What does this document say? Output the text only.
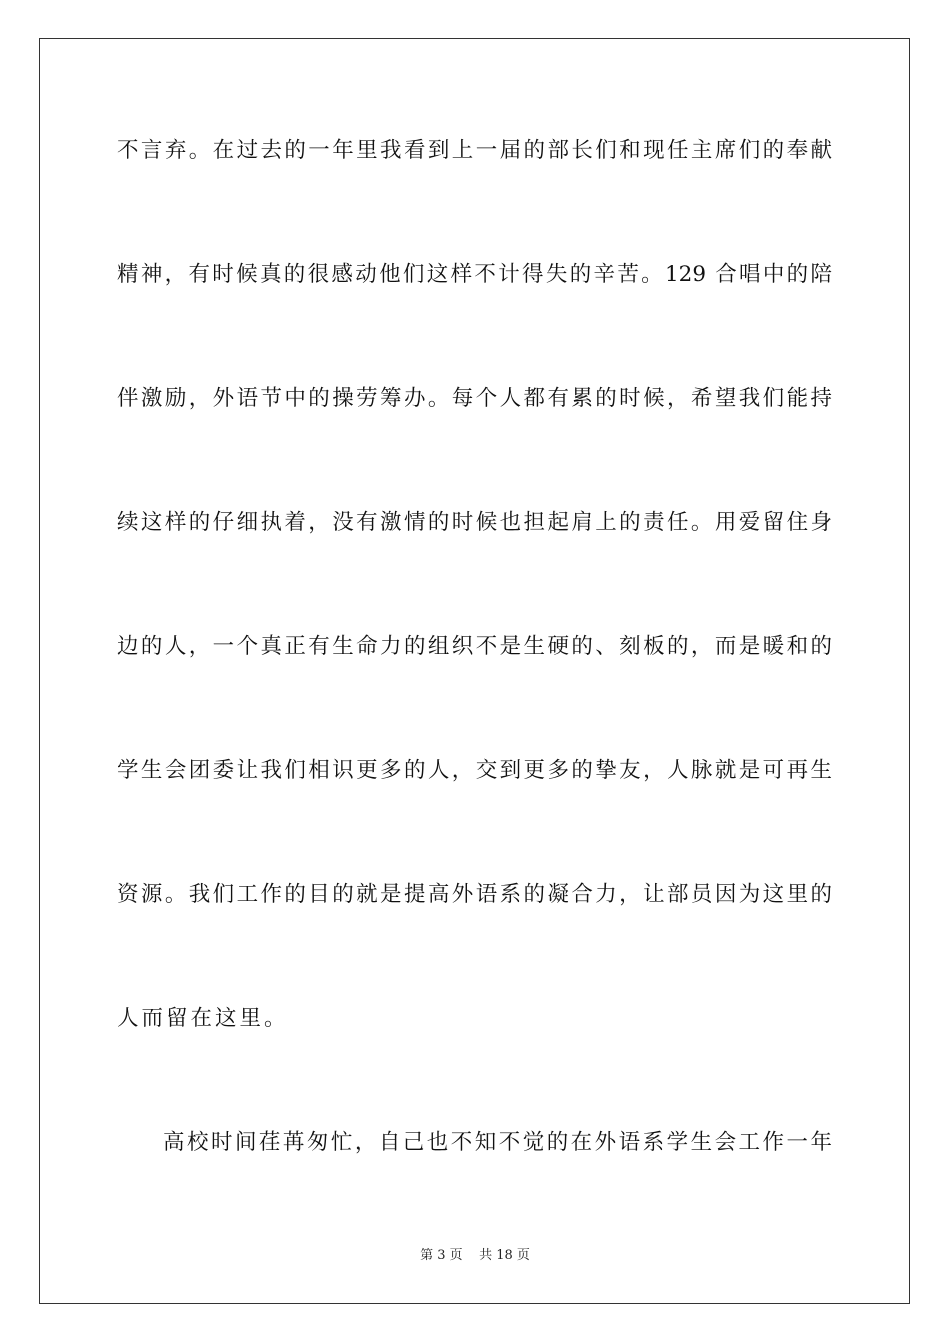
不言弃。在过去的一年里我看到上一届的部长们和现任主席们的奉献
精神，有时候真的很感动他们这样不计得失的辛苦。129 合唱中的陪
伴激励，外语节中的操劳筹办。每个人都有累的时候，希望我们能持
续这样的仔细执着，没有激情的时候也担起肩上的责任。用爱留住身
边的人，一个真正有生命力的组织不是生硬的、刻板的，而是暖和的
学生会团委让我们相识更多的人，交到更多的挚友，人脉就是可再生
资源。我们工作的目的就是提高外语系的凝合力，让部员因为这里的
人而留在这里。
高校时间荏苒匆忙，自己也不知不觉的在外语系学生会工作一年
第 3 页    共 18 页
